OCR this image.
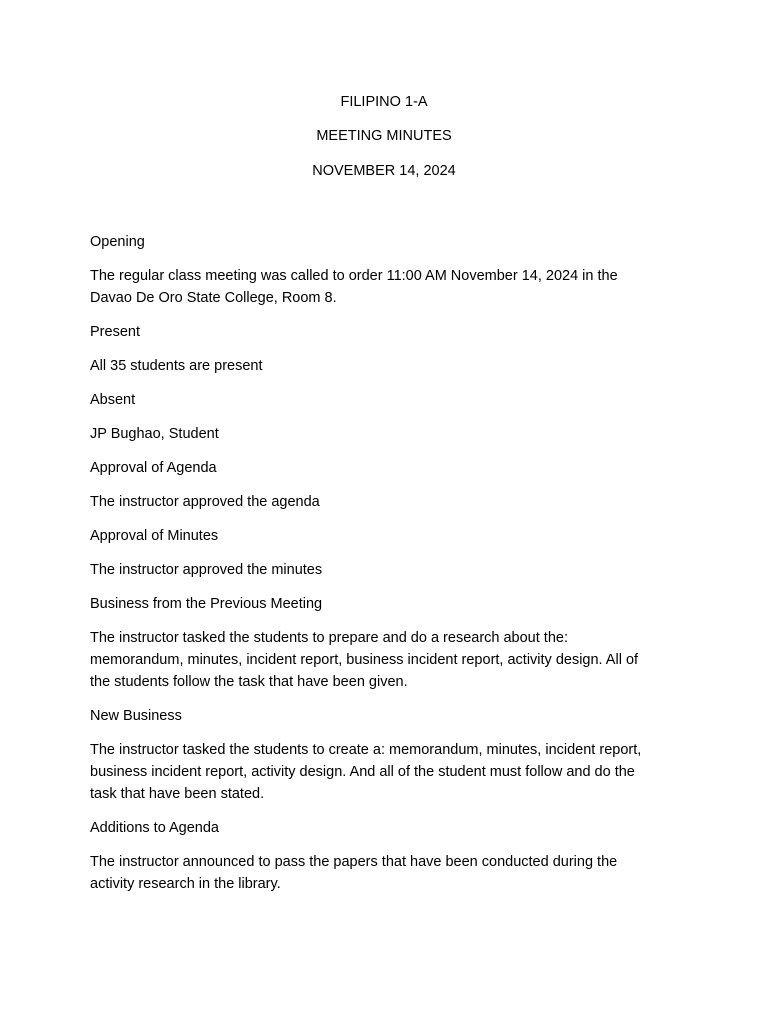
FILIPINO 1-A
MEETING MINUTES
NOVEMBER 14, 2024

Opening

The regular class meeting was called to order 11:00 AM November 14, 2024 in the Davao De Oro State College, Room 8.

Present

All 35 students are present

Absent

JP Bughao, Student

Approval of Agenda

The instructor approved the agenda

Approval of Minutes

The instructor approved the minutes

Business from the Previous Meeting

The instructor tasked the students to prepare and do a research about the: memorandum, minutes, incident report, business incident report, activity design. All of the students follow the task that have been given.

New Business

The instructor tasked the students to create a: memorandum, minutes, incident report, business incident report, activity design. And all of the student must follow and do the task that have been stated.

Additions to Agenda

The instructor announced to pass the papers that have been conducted during the activity research in the library.
